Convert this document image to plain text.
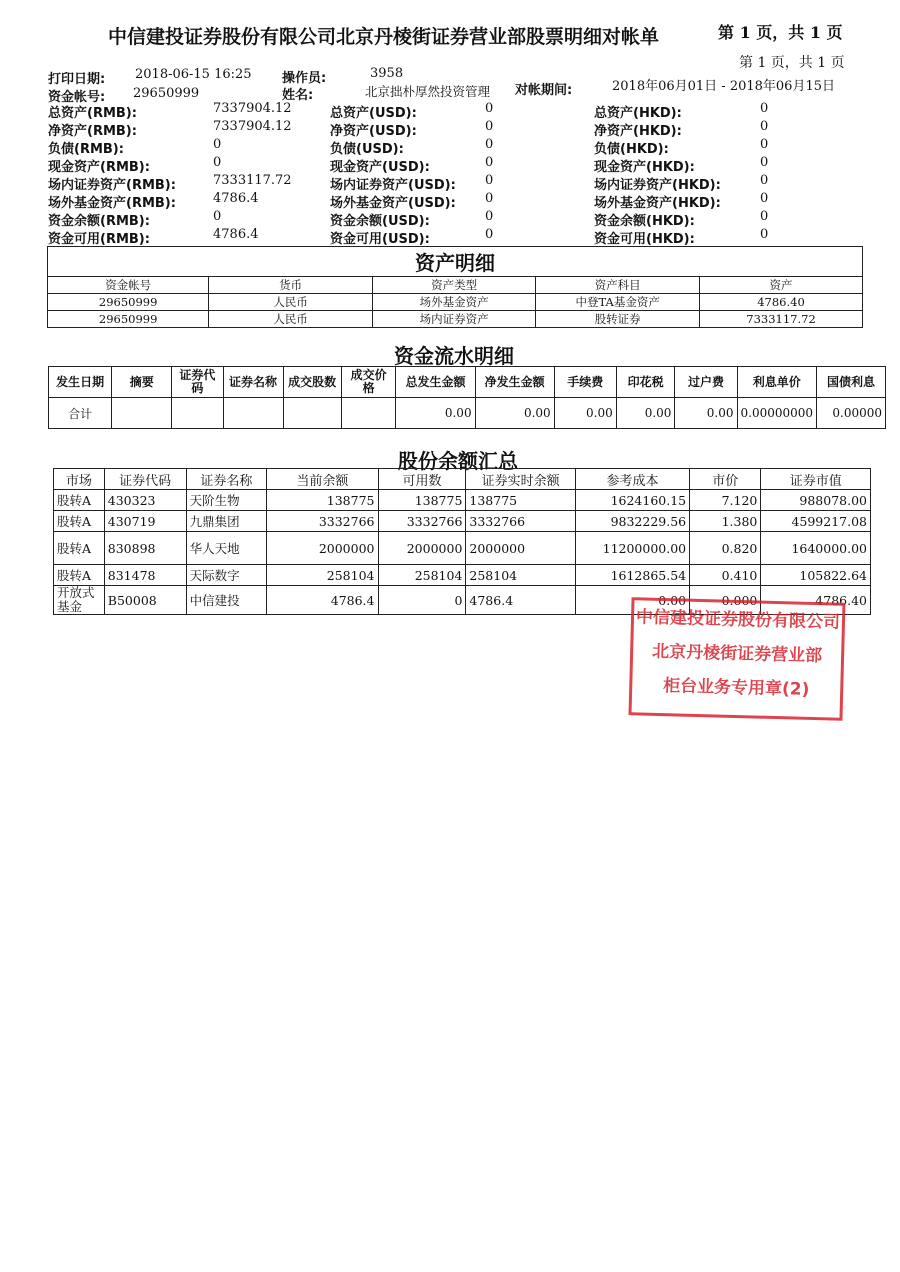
中信建投证券股份有限公司北京丹棱街证券营业部股票明细对帐单	第 1 页，共 1 页
第 1 页，共 1 页
打印日期: 2018-06-15 16:25 操作员:	3958
资金帐号: 29650999	姓名:	北京拙朴厚然投资管理 对帐期间:	2018年06月01日 - 2018年06月15日
总资产(RMB):	7337904.12
净资产(RMB):	7337904.12
负债(RMB):	0
现金资产(RMB):	0
场内证券资产(RMB):	7333117.72
场外基金资产(RMB):	4786.4
资金余额(RMB):	0
资金可用(RMB):	4786.4
总资产(USD):	0
净资产(USD):	0
负债(USD):	0
现金资产(USD):	0
场内证券资产(USD): 0
场外基金资产(USD): 0
资金余额(USD):	0
资金可用(USD):	0
总资产(HKD):	0
净资产(HKD):	0
负债(HKD):	0
现金资产(HKD):	0
场内证券资产(HKD):	0
场外基金资产(HKD):	0
资金余额(HKD):	0
资金可用(HKD):	0
资产明细				
资金帐号	货币	资产类型	资产科目	资产
29650999	人民币	场外基金资产	中登TA基金资产	4786.40
29650999	人民币	场内证券资产	股转证券	7333117.72
资金流水明细
发生日期	摘要	证券代码	证券名称	成交股数	成交价格	总发生金额	净发生金额	手续费	印花税	过户费	利息单价	国债利息
合计						0.00	0.00	0.00	0.00	0.00	0.00000000	0.00000
股份余额汇总
市场	证券代码	证券名称	当前余额	可用数	证券实时余额	参考成本	市价	证券市值
股转A	430323	天阶生物	138775	138775	138775	1624160.15	7.120	988078.00
股转A	430719	九鼎集团	3332766	3332766	3332766	9832229.56	1.380	4599217.08
股转A	830898	华人天地	2000000	2000000	2000000	11200000.00	0.820	1640000.00
股转A	831478	天际数字	258104	258104	258104	1612865.54	0.410	105822.64
开放式基金	B50008	中信建投	4786.4	0	4786.4	0.00	0.000	4786.40
中信建投证券股份有限公司
北京丹棱街证券营业部
柜台业务专用章(2)
